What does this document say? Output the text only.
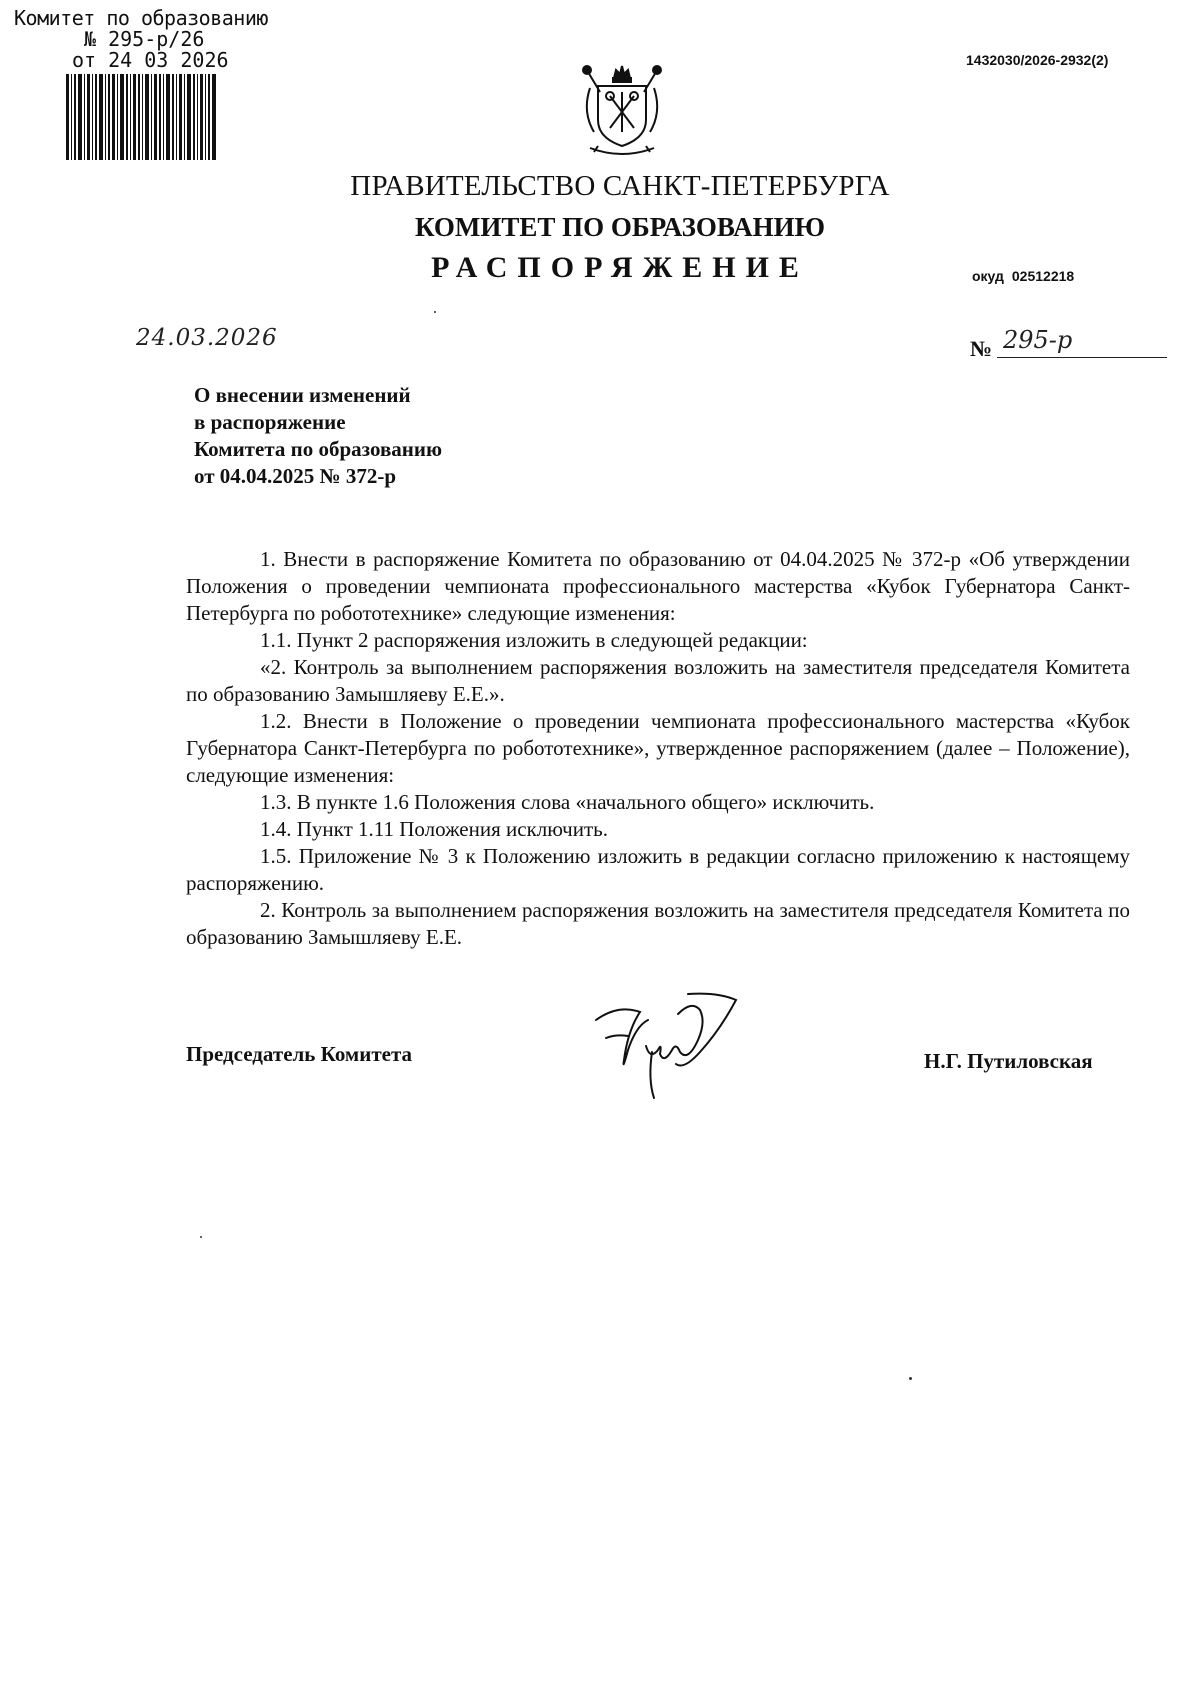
Комитет по образованию
№ 295-р/26
от 24 03 2026	1432030/2026-2932(2)
ПРАВИТЕЛЬСТВО САНКТ-ПЕТЕРБУРГА
КОМИТЕТ ПО ОБРАЗОВАНИЮ
РАСПОРЯЖЕНИЕ	окуд 02512218
24.03.2026	№ 295-р
О внесении изменений
в распоряжение
Комитета по образованию
от 04.04.2025 № 372-р

1. Внести в распоряжение Комитета по образованию от 04.04.2025 № 372-р «Об утверждении Положения о проведении чемпионата профессионального мастерства «Кубок Губернатора Санкт-Петербурга по робототехнике» следующие изменения:

1.1. Пункт 2 распоряжения изложить в следующей редакции:

«2. Контроль за выполнением распоряжения возложить на заместителя председателя Комитета по образованию Замышляеву Е.Е.».

1.2. Внести в Положение о проведении чемпионата профессионального мастерства «Кубок Губернатора Санкт-Петербурга по робототехнике», утвержденное распоряжением (далее – Положение), следующие изменения:

1.3. В пункте 1.6 Положения слова «начального общего» исключить.

1.4. Пункт 1.11 Положения исключить.

1.5. Приложение № 3 к Положению изложить в редакции согласно приложению к настоящему распоряжению.

2. Контроль за выполнением распоряжения возложить на заместителя председателя Комитета по образованию Замышляеву Е.Е.

Председатель Комитета	Н.Г. Путиловская
